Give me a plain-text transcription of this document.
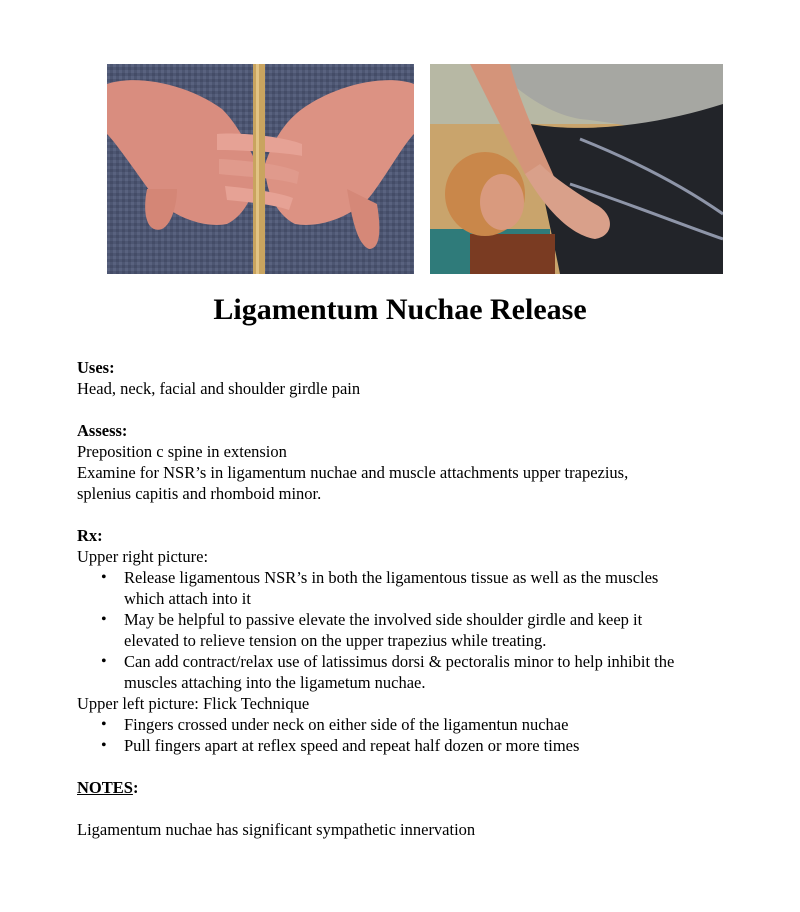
Ligamentum Nuchae Release
Uses:
Head, neck, facial and shoulder girdle pain
Assess:
Preposition c spine in extension
Examine for NSR’s in ligamentum nuchae and muscle attachments upper trapezius,
splenius capitis and rhomboid minor.
Rx:
Upper right picture:
• Release ligamentous NSR’s in both the ligamentous tissue as well as the muscles
which attach into it
• May be helpful to passive elevate the involved side shoulder girdle and keep it
elevated to relieve tension on the upper trapezius while treating.
• Can add contract/relax use of latissimus dorsi & pectoralis minor to help inhibit the
muscles attaching into the ligametum nuchae.
Upper left picture: Flick Technique
• Fingers crossed under neck on either side of the ligamentun nuchae
• Pull fingers apart at reflex speed and repeat half dozen or more times
NOTES:
Ligamentum nuchae has significant sympathetic innervation
